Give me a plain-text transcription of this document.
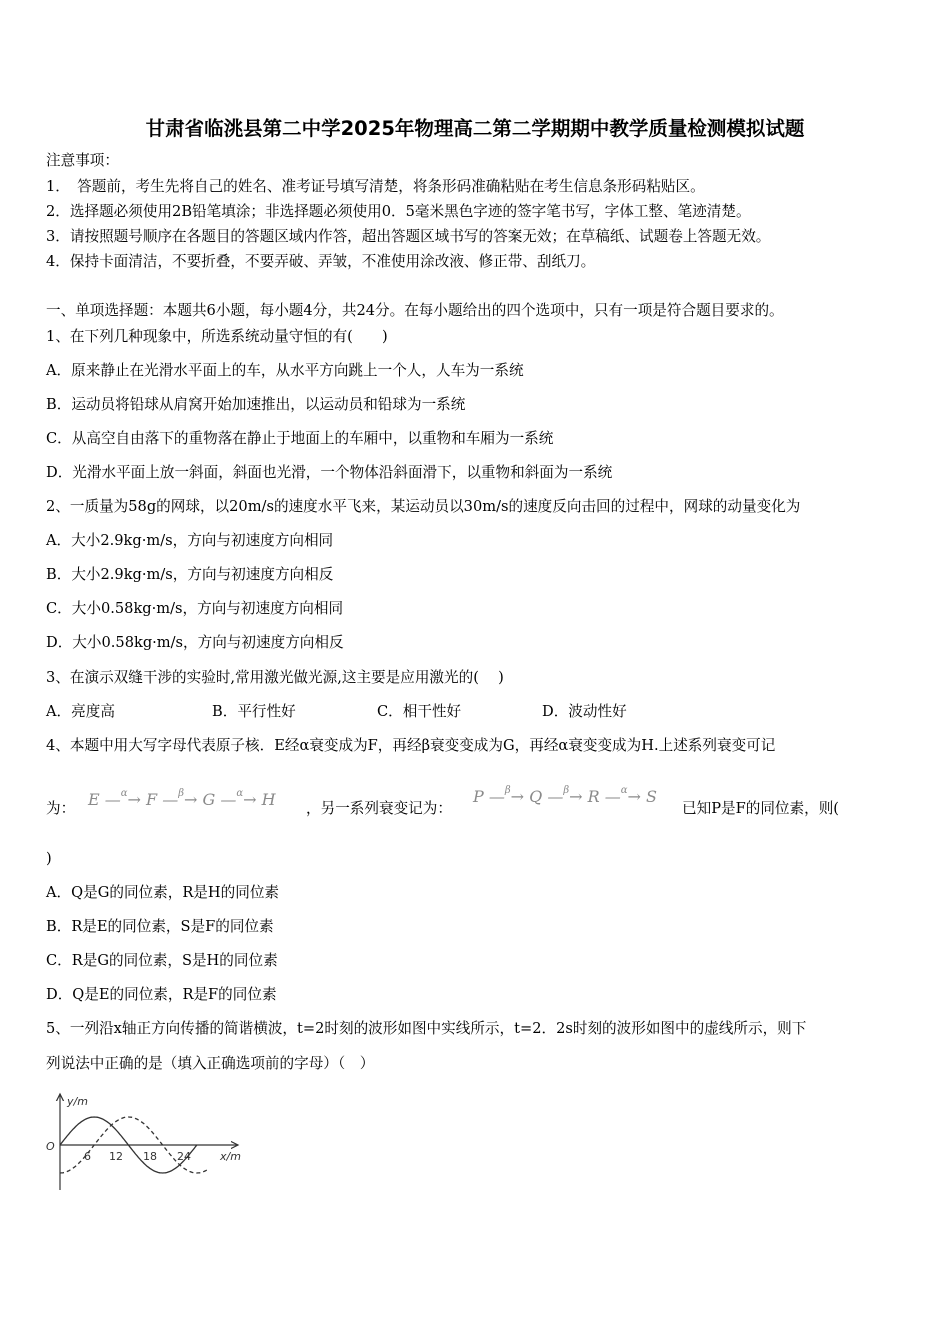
甘肃省临洮县第二中学2025年物理高二第二学期期中教学质量检测模拟试题
注意事项：
1．　答题前，考生先将自己的姓名、准考证号填写清楚，将条形码准确粘贴在考生信息条形码粘贴区。
2．选择题必须使用2B铅笔填涂；非选择题必须使用0．5毫米黑色字迹的签字笔书写，字体工整、笔迹清楚。
3．请按照题号顺序在各题目的答题区域内作答，超出答题区域书写的答案无效；在草稿纸、试题卷上答题无效。
4．保持卡面清洁，不要折叠，不要弄破、弄皱，不准使用涂改液、修正带、刮纸刀。
一、单项选择题：本题共6小题，每小题4分，共24分。在每小题给出的四个选项中，只有一项是符合题目要求的。
1、在下列几种现象中，所选系统动量守恒的有(　　)
A．原来静止在光滑水平面上的车，从水平方向跳上一个人，人车为一系统
B．运动员将铅球从肩窝开始加速推出，以运动员和铅球为一系统
C．从高空自由落下的重物落在静止于地面上的车厢中，以重物和车厢为一系统
D．光滑水平面上放一斜面，斜面也光滑，一个物体沿斜面滑下，以重物和斜面为一系统
2、一质量为58g的网球，以20m/s的速度水平飞来，某运动员以30m/s的速度反向击回的过程中，网球的动量变化为
A．大小2.9kg·m/s，方向与初速度方向相同
B．大小2.9kg·m/s，方向与初速度方向相反
C．大小0.58kg·m/s，方向与初速度方向相同
D．大小0.58kg·m/s，方向与初速度方向相反
3、在演示双缝干涉的实验时,常用激光做光源,这主要是应用激光的(　 )
A．亮度高	B．平行性好	C．相干性好	D．波动性好
4、本题中用大写字母代表原子核．E经α衰变成为F，再经β衰变变成为G，再经α衰变变成为H.上述系列衰变可记
为： E —$^\alpha$→ F —$^\beta$→ G —$^\alpha$→ H ，另一系列衰变记为：
P —$^\beta$→ Q —$^\beta$→ R —$^\alpha$→ S
已知P是F的同位素，则(
)
A．Q是G的同位素，R是H的同位素
B．R是E的同位素，S是F的同位素
C．R是G的同位素，S是H的同位素
D．Q是E的同位素，R是F的同位素
5、一列沿x轴正方向传播的简谐横波，t=2时刻的波形如图中实线所示，t=2．2s时刻的波形如图中的虚线所示，则下
列说法中正确的是（填入正确选项前的字母）（　）
y/m
x/m
O
6 12 18 24
